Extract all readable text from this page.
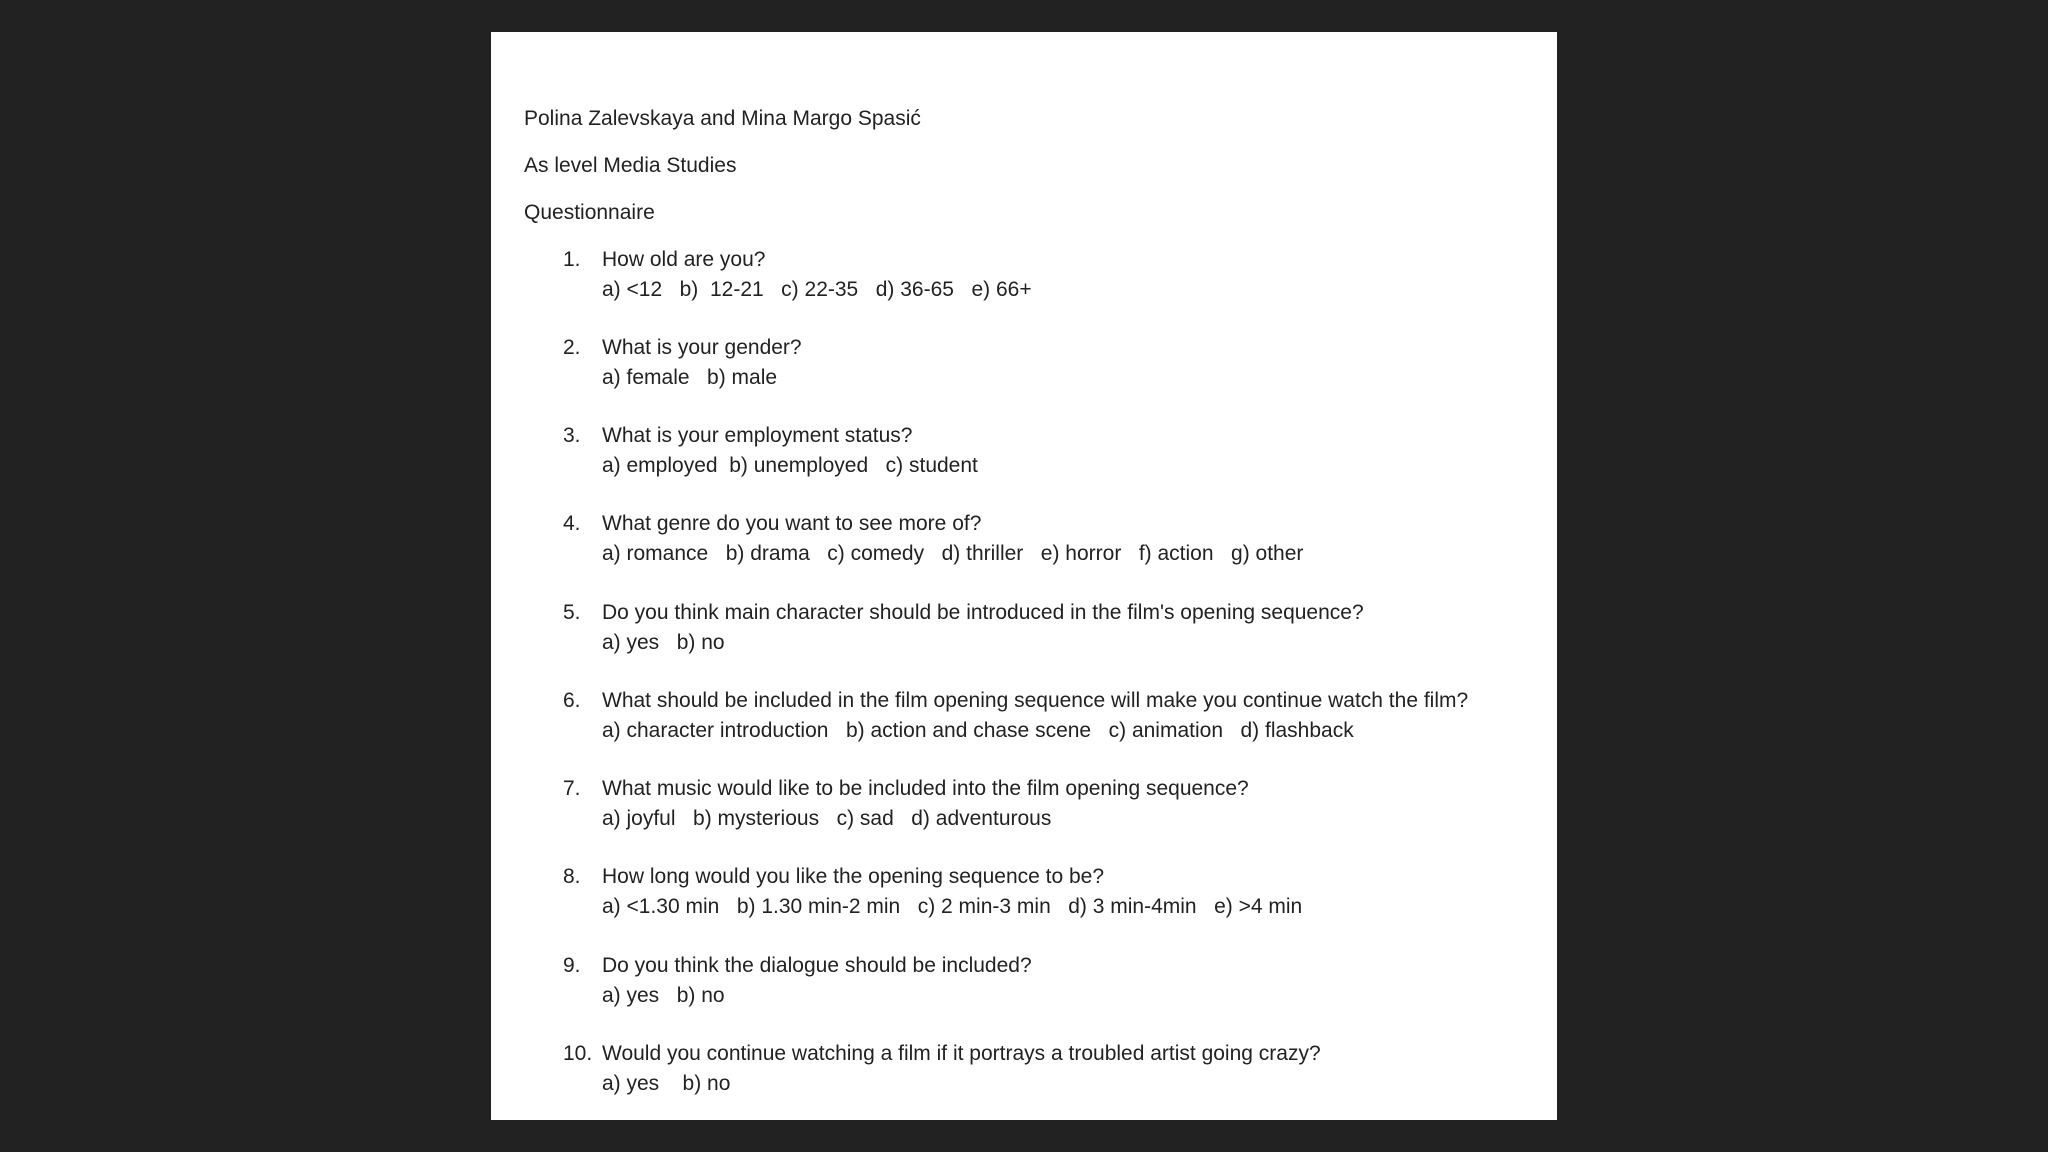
Polina Zalevskaya and Mina Margo Spasić
As level Media Studies
Questionnaire
1. How old are you?
a) <12   b)  12-21   c) 22-35   d) 36-65   e) 66+
2. What is your gender?
a) female   b) male
3. What is your employment status?
a) employed  b) unemployed   c) student
4. What genre do you want to see more of?
a) romance   b) drama   c) comedy   d) thriller   e) horror   f) action   g) other
5. Do you think main character should be introduced in the film's opening sequence?
a) yes   b) no
6. What should be included in the film opening sequence will make you continue watch the film?
a) character introduction   b) action and chase scene   c) animation   d) flashback
7. What music would like to be included into the film opening sequence?
a) joyful   b) mysterious   c) sad   d) adventurous
8. How long would you like the opening sequence to be?
a) <1.30 min   b) 1.30 min-2 min   c) 2 min-3 min   d) 3 min-4min   e) >4 min
9. Do you think the dialogue should be included?
a) yes   b) no
10. Would you continue watching a film if it portrays a troubled artist going crazy?
a) yes    b) no
